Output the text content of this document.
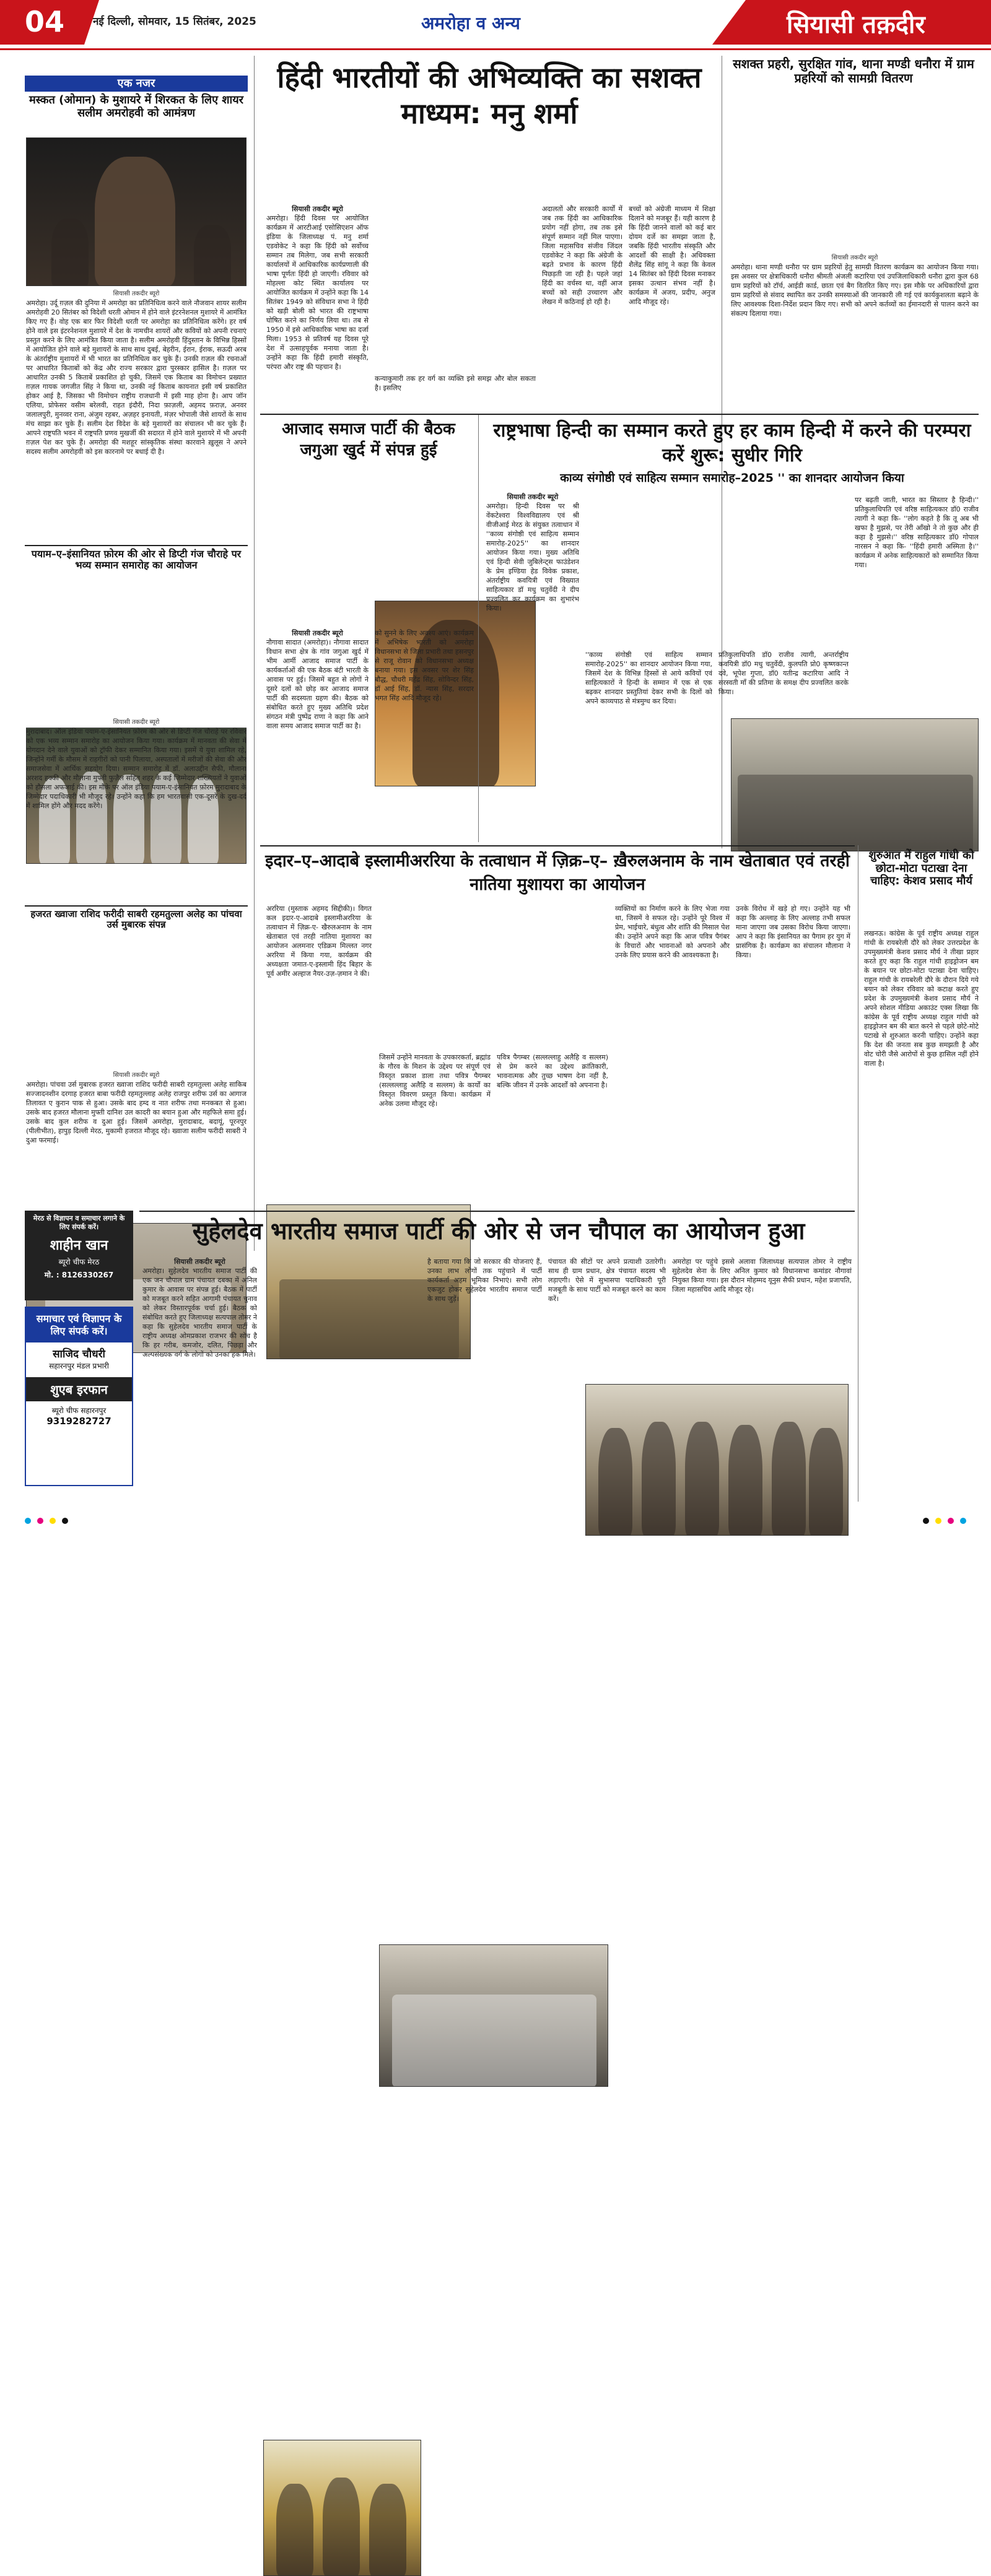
04	नई दिल्ली, सोमवार, 15 सितंबर, 2025	अमरोहा व अन्य	सियासी तक़दीर
एक नजर
मस्कत (ओमान) के मुशायरे में शिरकत के लिए शायर सलीम अमरोहवी को आमंत्रण
सियासी तकदीर ब्यूरो
अमरोहा। उर्दू ग़ज़ल की दुनिया में अमरोहा का प्रतिनिधित्व करने वाले नौजवान शायर सलीम अमरोहवी 20 सितंबर को विदेशी धरती ओमान में होने वाले इंटरनेशनल मुशायरे में आमंत्रित किए गए हैं। वोह एक बार फिर विदेशी धरती पर अमरोहा का प्रतिनिधित्व करेंगे। हर वर्ष होने वाले इस इंटरनेशनल मुशायरे में देश के नामचीन शायरों और कवियों को अपनी रचनाएं प्रस्तुत करने के लिए आमंत्रित किया जाता है। सलीम अमरोहवी हिंदुस्तान के विभिन्न हिस्सों में आयोजित होने वाले बड़े मुशायरों के साथ साथ दुबई, बेहरीन, ईरान, ईराक, सऊदी अरब के अंतर्राष्ट्रीय मुशायरों में भी भारत का प्रतिनिधित्व कर चुके हैं। उनकी ग़ज़ल की रचनाओं पर आधारित किताबों को केंद्र और राज्य सरकार द्वारा पुरस्कार हासिल है। ग़ज़ल पर आधारित उनकी 5 किताबें प्रकाशित हो चुकी, जिसमें एक किताब का विमोचन प्रख्यात ग़ज़ल गायक जगजीत सिंह ने किया था, उनकी नई किताब कायनात इसी वर्ष प्रकाशित होकर आई है, जिसका भी विमोचन राष्ट्रीय राजधानी में इसी माह होना है। आप जॉन एलिया, प्रोफेसर वसीम बरेलवी, राहत इंदौरी, निदा फ़ाज़ली, अहमद फ़राज़, अनवर जलालपुरी, मुनव्वर राना, अंजुम रहबर, अज़हर इनायती, मंज़र भोपाली जैसे शायरों के साथ मंच साझा कर चुके हैं। सलीम देश विदेश के बड़े मुशायरों का संचालन भी कर चुके हैं। आपने राष्ट्रपति भवन में राष्ट्रपति प्रणव मुखर्जी की सदारत में होने वाले मुशायरे में भी अपनी ग़ज़ल पेश कर चुके हैं। अमरोहा की मशहूर सांस्कृतिक संस्था कारवाने ख़ुलूस ने अपने सदस्य सलीम अमरोहवी को इस कारनामे पर बधाई दी है।
पयाम–ए–इंसानियत फ़ोरम की ओर से डिप्टी गंज चौराहे पर भव्य सम्मान समारोह का आयोजन
सियासी तकदीर ब्यूरो
मुरादाबाद। ऑल इंडिया पयाम-ए-इंसानियत फ़ोरम की ओर से डिप्टी गंज चौराहे पर रविवार को एक भव्य सम्मान समारोह का आयोजन किया गया। कार्यक्रम में मानवता की सेवा में योगदान देने वाले युवाओं को ट्रॉफी देकर सम्मानित किया गया। इसमें ये युवा शामिल रहे, जिन्होंने गर्मी के मौसम में राहगीरों को पानी पिलाया, अस्पतालों में मरीजों की सेवा की और समाजसेवा में आर्थिक सहयोग दिया। सम्मान समारोह में डॉ. अलाउद्दीन सैफी, मौलाना अरशद हक्की और मौलाना मुफ्ती फुज़ैल सहित शहर के कई जिम्मेदार शख्सियतों ने युवाओं को हौसला अफजाई की। इस मौके पर ऑल इंडिया पयाम-ए-इंसानियत फ़ोरम मुरादाबाद के जिम्मेदार पदाधिकारी भी मौजूद रहे। उन्होंने कहा कि हम भारतवासी एक-दूसरे के दुख-दर्द में शामिल होंगे और मदद करेंगे।
हजरत ख्वाजा राशिद फरीदी साबरी रहमतुल्ला अलेह का पांचवा उर्स मुबारक संपन्न
सियासी तकदीर ब्यूरो
अमरोहा। पांचवा उर्स मुबारक हजरत ख्वाजा राशिद फरीदी साबरी रहमतुल्ला अलेह साकिब सज्जादनशीन दरगाह हजरत बाबा फरीदी रहमतुल्लाह अलेह राजपुर शरीफ उर्स का आगाज तिलावत ए कुरान पाक से हुआ। उसके बाद हम्द व नात शरीफ तथा मनकबत से हुआ। उसके बाद हजरत मौलाना मुफ्ती दानिश उल कादरी का बयान हुआ और महफिले समा हुई। उसके बाद कुल शरीफ व दुआ हुई। जिसमें अमरोहा, मुरादाबाद, बदायूं, पूरनपुर (पीलीभीत), हापुड़ दिल्ली मेरठ, मुकामी हजरात मौजूद रहे। ख्वाजा सलीम फरीदी साबरी ने दुआ फरमाई।
मेरठ से विज्ञापन व समाचार लगाने के लिए संपर्क करें।
शाहीन खान
ब्यूरो चीफ मेरठ
मो. : 8126330267
समाचार एवं विज्ञापन के लिए संपर्क करें।
साजिद चौधरी
सहारनपुर मंडल प्रभारी
शुएब इरफान
ब्यूरो चीफ सहारनपुर
9319282727
हिंदी भारतीयों की अभिव्यक्ति का सशक्त माध्यम: मनु शर्मा
सियासी तकदीर ब्यूरो
अमरोहा। हिंदी दिवस पर आयोजित कार्यक्रम में आरटीआई एसोसिएशन ऑफ इंडिया के जिलाध्यक्ष पं. मनु शर्मा एडवोकेट ने कहा कि हिंदी को सर्वोच्च सम्मान तब मिलेगा, जब सभी सरकारी कार्यालयों में आधिकारिक कार्यप्रणाली की भाषा पूर्णतः हिंदी हो जाएगी। रविवार को मोहल्ला कोट स्थित कार्यालय पर आयोजित कार्यक्रम में उन्होंने कहा कि 14 सितंबर 1949 को संविधान सभा ने हिंदी को खड़ी बोली को भारत की राष्ट्रभाषा घोषित करने का निर्णय लिया था। तब से 1950 में इसे आधिकारिक भाषा का दर्जा मिला। 1953 से प्रतिवर्ष यह दिवस पूरे देश में उत्साहपूर्वक मनाया जाता है। उन्होंने कहा कि हिंदी हमारी संस्कृति, परंपरा और राष्ट्र की पहचान है।
कन्याकुमारी तक हर वर्ग का व्यक्ति इसे समझ और बोल सकता है। इसलिए
अदालतों और सरकारी कार्यों में जब तक हिंदी का आधिकारिक प्रयोग नहीं होगा, तब तक इसे संपूर्ण सम्मान नहीं मिल पाएगा। जिला महासचिव संजीव जिंदल एडवोकेट ने कहा कि अंग्रेजी के बढ़ते प्रभाव के कारण हिंदी पिछड़ती जा रही है। पहले जहां हिंदी का वर्चस्व था, वहीं आज बच्चों को सही उच्चारण और लेखन में कठिनाई हो रही है।
बच्चों को अंग्रेजी माध्यम में शिक्षा दिलाने को मजबूर हैं। यही कारण है कि हिंदी जानने वालों को कई बार दोयम दर्जे का समझा जाता है, जबकि हिंदी भारतीय संस्कृति और आदर्शों की साक्षी है। अधिवक्ता शैलेंद्र सिंह सांगू ने कहा कि केवल 14 सितंबर को हिंदी दिवस मनाकर इसका उत्थान संभव नहीं है। कार्यक्रम में अजय, प्रदीप, अनुज आदि मौजूद रहे।
सशक्त प्रहरी, सुरक्षित गांव, थाना मण्डी धनौरा में ग्राम प्रहरियों को सामग्री वितरण
सियासी तकदीर ब्यूरो
अमरोहा। थाना मण्डी धनौरा पर ग्राम प्रहरियों हेतु सामग्री वितरण कार्यक्रम का आयोजन किया गया। इस अवसर पर क्षेत्राधिकारी धनौरा श्रीमती अंजली कटारिया एवं उपजिलाधिकारी धनौरा द्वारा कुल 68 ग्राम प्रहरियों को टॉर्च, आईडी कार्ड, छाता एवं बैग वितरित किए गए। इस मौके पर अधिकारियों द्वारा ग्राम प्रहरियों से संवाद स्थापित कर उनकी समस्याओं की जानकारी ली गई एवं कार्यकुशलता बढ़ाने के लिए आवश्यक दिशा-निर्देश प्रदान किए गए। सभी को अपने कर्तव्यों का ईमानदारी से पालन करने का संकल्प दिलाया गया।
आजाद समाज पार्टी की बैठक जगुआ खुर्द में संपन्न हुई
सियासी तकदीर ब्यूरो
नौगावा सादात (अमरोहा)। नौगावा सादात विधान सभा क्षेत्र के गांव जगुआ खुर्द में भीम आर्मी आजाद समाज पार्टी के कार्यकर्ताओं की एक बैठक बंटी भारती के आवास पर हुई। जिसमें बहुत से लोगों ने दूसरे दलों को छोड़ कर आजाद समाज पार्टी की सदस्यता ग्रहण की। बैठक को संबोधित करते हुए मुख्य अतिथि प्रदेश संगठन मंत्री पुष्पेंद्र राणा ने कहा कि आने वाला समय आजाद समाज पार्टी का है।
को सुनने के लिए अवश्य आएं। कार्यक्रम में अभिषेक भारती को अमरोहा विधानसभा से जिला प्रभारी तथा हसनपुर से राजू रोवान को विधानसभा अध्यक्ष बनाया गया। इस अवसर पर शेर सिंह बौद्ध, चौधरी महेंद्र सिंह, सोविन्दर सिंह, डॉ आई सिंह, डॉ. न्यास सिंह, सरदार भगत सिंह आदि मौजूद रहे।
राष्ट्रभाषा हिन्दी का सम्मान करते हुए हर काम हिन्दी में करने की परम्परा करें शुरू: सुधीर गिरि
काव्य संगोष्ठी एवं साहित्य सम्मान समारोह–2025 '' का शानदार आयोजन किया
सियासी तकदीर ब्यूरो
अमरोहा। हिन्दी दिवस पर श्री वेंकटेश्वरा विश्वविद्यालय एवं श्री वीजीआई मेरठ के संयुक्त तत्वाधान में ''काव्य संगोष्ठी एवं साहित्य सम्मान समारोह-2025'' का शानदार आयोजन किया गया। मुख्य अतिथि एवं हिन्दी सेवी जुबिलेन्ट्स फाउंडेशन के प्रेम इण्डिया हेड विवेक प्रकाश, अंतर्राष्ट्रीय कवयित्री एवं विख्यात साहित्यकार डॉ मधु चतुर्वेदी ने दीप प्रज्वलित कर कार्यक्रम का शुभारंभ किया।
''काव्य संगोष्ठी एवं साहित्य सम्मान समारोह-2025'' का शानदार आयोजन किया गया, जिसमें देश के विभिन्न हिस्सों से आये कवियों एवं साहित्यकारों ने हिन्दी के सम्मान में एक से एक बढ़कर शानदार प्रस्तुतियां देकर सभी के दिलों को अपने काव्यपाठ से मंत्रमुग्ध कर दिया।
प्रतिकुलाधिपति डॉ0 राजीव त्यागी, अन्तर्राष्ट्रीय कवयित्री डॉ0 मधु चतुर्वेदी, कुलपति प्रो0 कृष्णकान्त दवे, भूपेश गुप्ता, डॉ0 यतीन्द्र कटारिया आदि ने सरस्वती माँ की प्रतिमा के समक्ष दीप प्रज्वलित करके किया।
पर बढ़ती जाती, भारत का सिस्तार है हिन्दी।'' प्रतिकुलाधिपति एवं वरिष्ठ साहित्यकार डॉ0 राजीव त्यागी ने कहा कि- ''लोग कहते है कि तू अब भी खफा है मुझसे, पर तेरी आँखो ने तो कुछ और ही कहा है मुझसे।'' वरिष्ठ साहित्यकार डॉ0 गोपाल नारसन ने कहा कि- ''हिंदी हमारी अस्मिता है।'' कार्यक्रम में अनेक साहित्यकारों को सम्मानित किया गया।
इदार–ए–आदाबे इस्लामीअररिया के तत्वाधान में ज़िक्र–ए– ख़ैरुलअनाम के नाम खेताबात एवं तरही नातिया मुशायरा का आयोजन
अररिया (मुस्ताक अहमद सिद्दीकी)। विगत कल इदार-ए-आदाबे इस्लामीअररिया के तत्वाधान में ज़िक्र-ए- खैरुलअनाम के नाम खेताबात एवं तरही नातिया मुशायरा का आयोजन अलमनार एडिक्रम मिल्लत नगर अररिया में किया गया, कार्यक्रम की अध्यक्षता जमात-ए-इस्लामी हिंद बिहार के पूर्व अमीर अल्हाज नैयर-उज़-ज़मान ने की।
जिसमें उन्होंने मानवता के उपकारकर्ता, ब्रह्मांड के गौरव के मिशन के उद्देश्य पर संपूर्ण एवं विस्तृत प्रकाश डाला तथा पवित्र पैगम्बर (सल्लल्लाहु अलैहि व सल्लम) के कार्यों का विस्तृत विवरण प्रस्तुत किया। कार्यक्रम में अनेक उलमा मौजूद रहे।
पवित्र पैगम्बर (सल्लल्लाहु अलैहि व सल्लम) से प्रेम करने का उद्देश्य क्रांतिकारी, भावनात्मक और तुच्छ भाषण देना नहीं है, बल्कि जीवन में उनके आदर्शों को अपनाना है।
व्यक्तियों का निर्माण करने के लिए भेजा गया था, जिसमें वे सफल रहे। उन्होंने पूरे विश्व में प्रेम, भाईचारे, बंधुत्व और शांति की मिसाल पेश की। उन्होंने अपने कहा कि आज पवित्र पैगंबर के विचारों और भावनाओं को अपनाने और उनके लिए प्रयास करने की आवश्यकता है।
उनके विरोध में खड़े हो गए। उन्होंने यह भी कहा कि अल्लाह के लिए अल्लाह तभी सफल माना जाएगा जब उसका विरोध किया जाएगा। आप ने कहा कि इंसानियत का पैगाम हर युग में प्रासंगिक है। कार्यक्रम का संचालन मौलाना ने किया।
शुरुआत में राहुल गांधी को छोटा-मोटा पटाखा देना चाहिए: केशव प्रसाद मौर्य
लखनऊ। कांग्रेस के पूर्व राष्ट्रीय अध्यक्ष राहुल गांधी के रायबरेली दौरे को लेकर उत्तरप्रदेश के उपमुख्यमंत्री केशव प्रसाद मौर्य ने तीखा प्रहार करते हुए कहा कि राहुल गांधी हाइड्रोजन बम के बयान पर छोटा-मोटा पटाखा देना चाहिए। राहुल गांधी के रायबरेली दौरे के दौरान दिये गये बयान को लेकर रविवार को कटाक्ष करते हुए प्रदेश के उपमुख्यमंत्री केशव प्रसाद मौर्य ने अपने सोशल मीडिया अकाउंट एक्स लिखा कि कांग्रेस के पूर्व राष्ट्रीय अध्यक्ष राहुल गांधी को हाइड्रोजन बम की बात करने से पहले छोटे-मोटे पटाखे से शुरुआत करनी चाहिए। उन्होंने कहा कि देश की जनता सब कुछ समझती है और वोट चोरी जैसे आरोपों से कुछ हासिल नहीं होने वाला है।
सुहेलदेव भारतीय समाज पार्टी की ओर से जन चौपाल का आयोजन हुआ
सियासी तकदीर ब्यूरो
अमरोहा। सुहेलदेव भारतीय समाज पार्टी की एक जन चौपाल ग्राम पंचायत दबका में अनिल कुमार के आवास पर संपन्न हुई। बैठक में पार्टी को मजबूत करने सहित आगामी पंचायत चुनाव को लेकर विस्तारपूर्वक चर्चा हुई। बैठक को संबोधित करते हुए जिलाध्यक्ष सत्यपाल तोमर ने कहा कि सुहेलदेव भारतीय समाज पार्टी के राष्ट्रीय अध्यक्ष ओमप्रकाश राजभर की सोच है कि हर गरीब, कमजोर, दलित, पिछड़ा और अल्पसंख्यक वर्ग के लोगों को उनका हक मिले।
है बताया गया कि जो सरकार की योजनाएं हैं, उनका लाभ लोगों तक पहुंचाने में पार्टी कार्यकर्ता अहम भूमिका निभाएं। सभी लोग एकजुट होकर सुहेलदेव भारतीय समाज पार्टी के साथ जुड़ें।
पंचायत की सीटों पर अपने प्रत्याशी उतारेगी। साथ ही ग्राम प्रधान, क्षेत्र पंचायत सदस्य भी लड़ाएगी। ऐसे में सुभासपा पदाधिकारी पूरी मजबूती के साथ पार्टी को मजबूत करने का काम करें।
अमरोहा पर पहुंचे इससे अलावा जिलाध्यक्ष सत्यपाल तोमर ने राष्ट्रीय सुहेलदेव सेना के लिए अनिल कुमार को विधानसभा कमांडर नौगावां नियुक्त किया गया। इस दौरान मोहम्मद यूनुस सैफी प्रधान, महेश प्रजापति, जिला महासचिव आदि मौजूद रहे।
